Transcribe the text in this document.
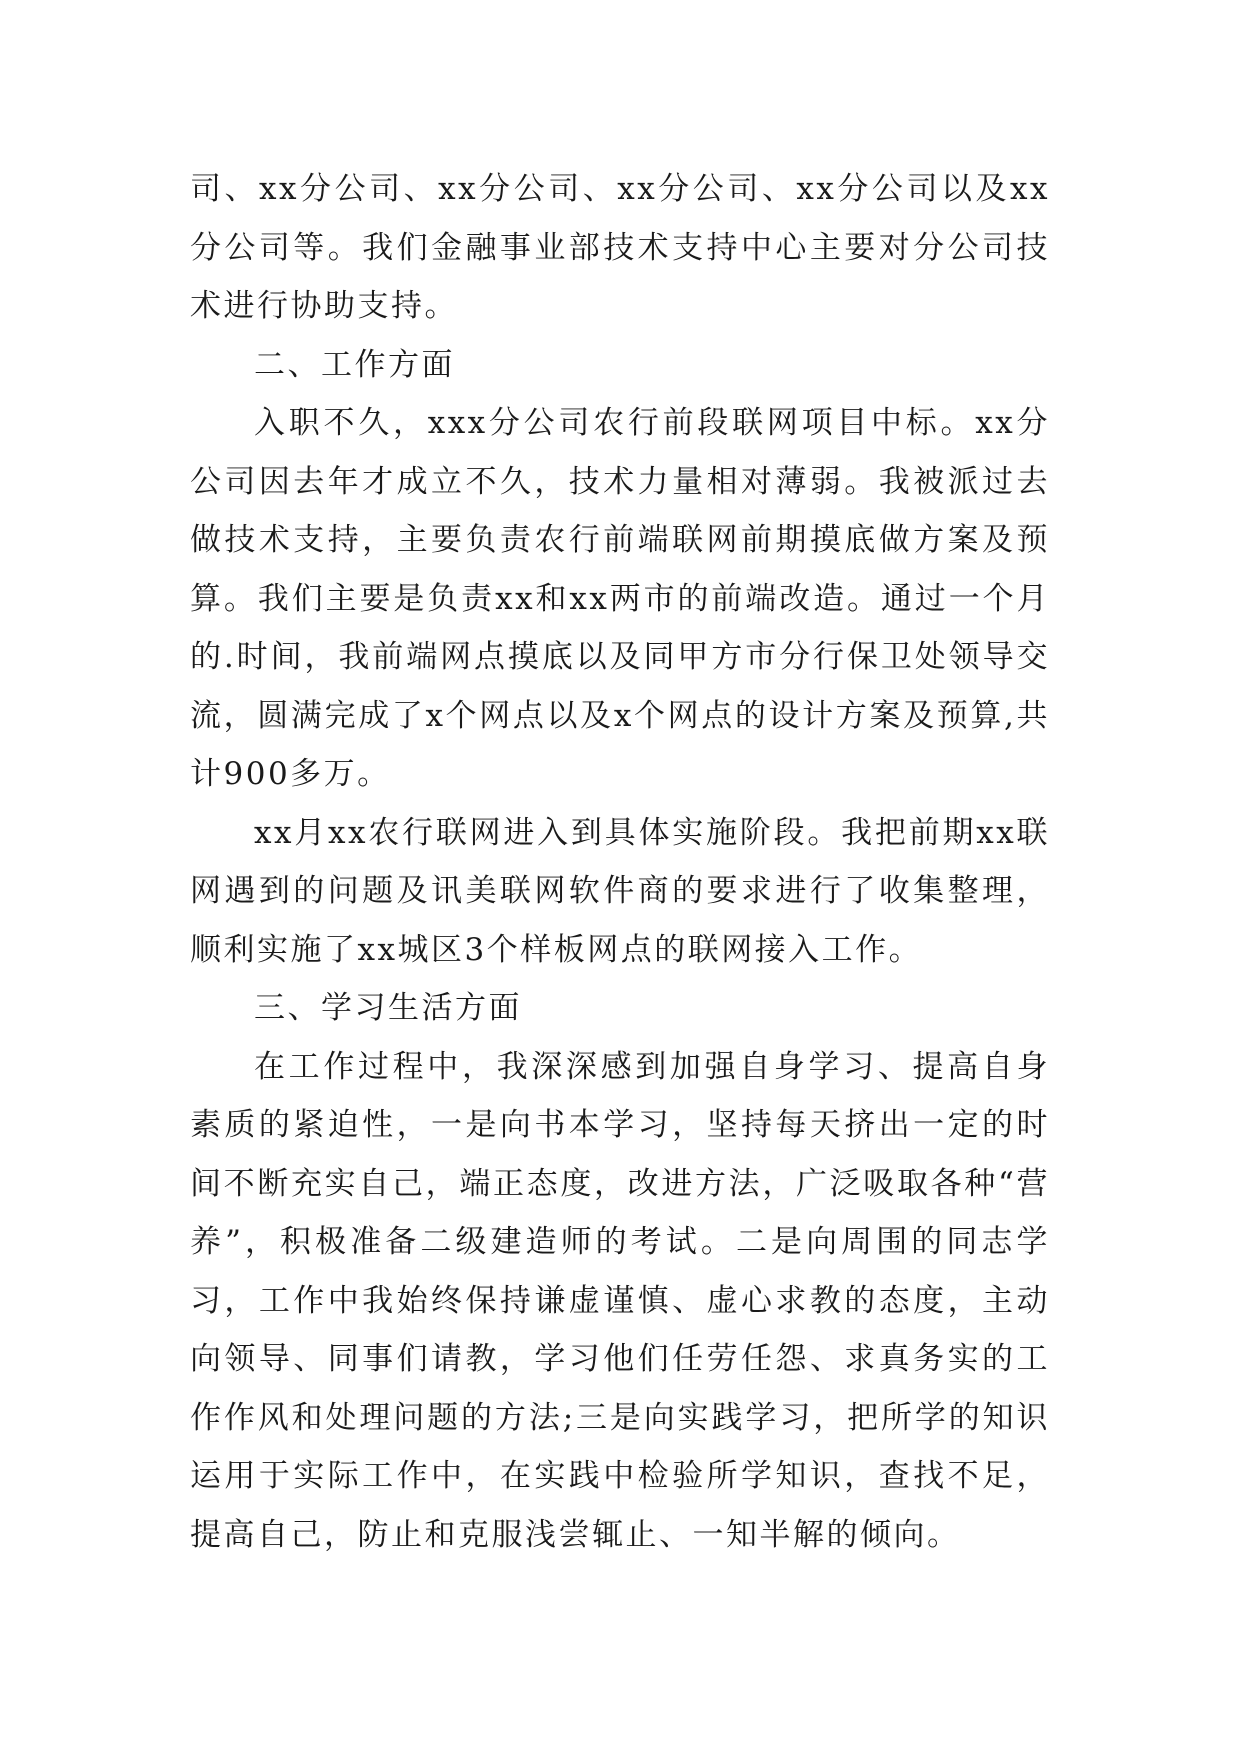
司、xx分公司、xx分公司、xx分公司、xx分公司以及xx分公司等。我们金融事业部技术支持中心主要对分公司技术进行协助支持。

二、工作方面

入职不久，xxx分公司农行前段联网项目中标。xx分公司因去年才成立不久，技术力量相对薄弱。我被派过去做技术支持，主要负责农行前端联网前期摸底做方案及预算。我们主要是负责xx和xx两市的前端改造。通过一个月的.时间，我前端网点摸底以及同甲方市分行保卫处领导交流，圆满完成了x个网点以及x个网点的设计方案及预算,共计900多万。

xx月xx农行联网进入到具体实施阶段。我把前期xx联网遇到的问题及讯美联网软件商的要求进行了收集整理，顺利实施了xx城区3个样板网点的联网接入工作。

三、学习生活方面

在工作过程中，我深深感到加强自身学习、提高自身素质的紧迫性，一是向书本学习，坚持每天挤出一定的时间不断充实自己，端正态度，改进方法，广泛吸取各种“营养”，积极准备二级建造师的考试。二是向周围的同志学习，工作中我始终保持谦虚谨慎、虚心求教的态度，主动向领导、同事们请教，学习他们任劳任怨、求真务实的工作作风和处理问题的方法;三是向实践学习，把所学的知识运用于实际工作中，在实践中检验所学知识，查找不足，提高自己，防止和克服浅尝辄止、一知半解的倾向。
